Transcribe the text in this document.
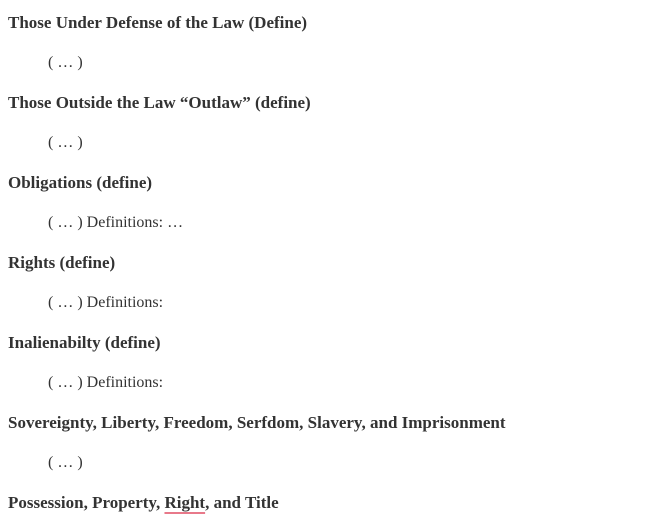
Those Under Defense of the Law (Define)
( … )
Those Outside the Law “Outlaw” (define)
( … )
Obligations (define)
( … ) Definitions: …
Rights (define)
( … ) Definitions:
Inalienabilty (define)
( … ) Definitions:
Sovereignty, Liberty, Freedom, Serfdom, Slavery, and Imprisonment
( … )
Possession, Property, Right, and Title
